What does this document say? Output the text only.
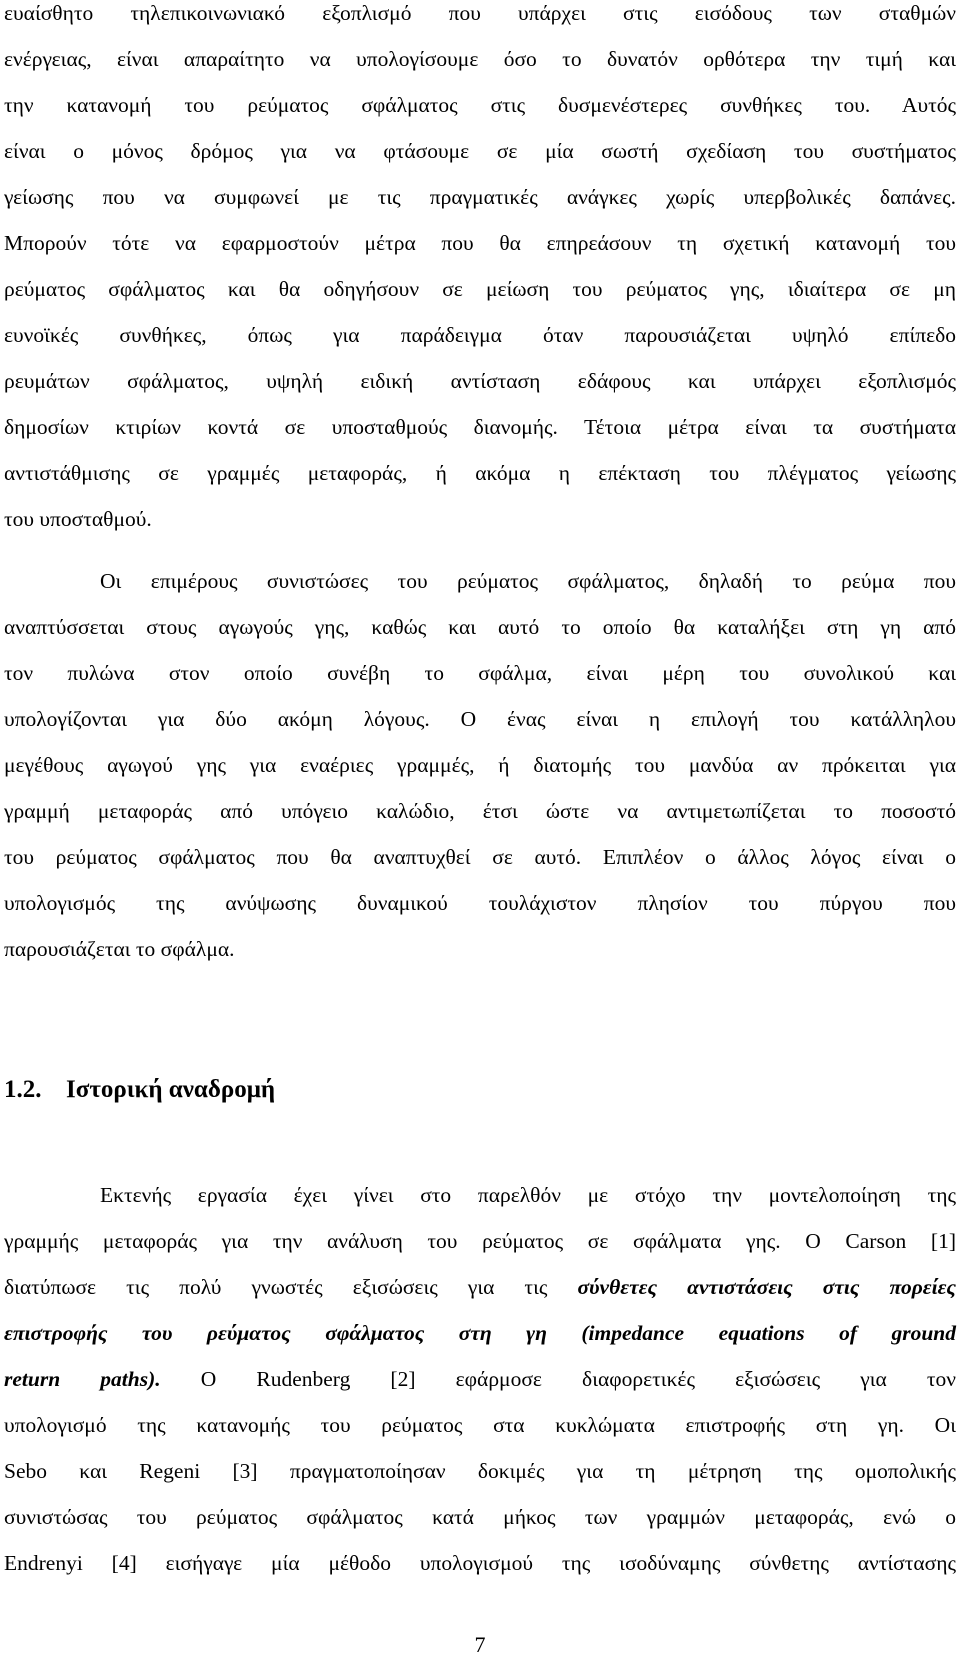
ευαίσθητο τηλεπικοινωνιακό εξοπλισμό που υπάρχει στις εισόδους των σταθμών
ενέργειας, είναι απαραίτητο να υπολογίσουμε όσο το δυνατόν ορθότερα την τιμή και
την κατανομή του ρεύματος σφάλματος στις δυσμενέστερες συνθήκες του. Αυτός
είναι ο μόνος δρόμος για να φτάσουμε σε μία σωστή σχεδίαση του συστήματος
γείωσης που να συμφωνεί με τις πραγματικές ανάγκες χωρίς υπερβολικές δαπάνες.
Μπορούν τότε να εφαρμοστούν μέτρα που θα επηρεάσουν τη σχετική κατανομή του
ρεύματος σφάλματος και θα οδηγήσουν σε μείωση του ρεύματος γης, ιδιαίτερα σε μη
ευνοϊκές συνθήκες, όπως για παράδειγμα όταν παρουσιάζεται υψηλό επίπεδο
ρευμάτων σφάλματος, υψηλή ειδική αντίσταση εδάφους και υπάρχει εξοπλισμός
δημοσίων κτιρίων κοντά σε υποσταθμούς διανομής. Τέτοια μέτρα είναι τα συστήματα
αντιστάθμισης σε γραμμές μεταφοράς, ή ακόμα η επέκταση του πλέγματος γείωσης
του υποσταθμού.
Οι επιμέρους συνιστώσες του ρεύματος σφάλματος, δηλαδή το ρεύμα που
αναπτύσσεται στους αγωγούς γης, καθώς και αυτό το οποίο θα καταλήξει στη γη από
τον πυλώνα στον οποίο συνέβη το σφάλμα, είναι μέρη του συνολικού και
υπολογίζονται για δύο ακόμη λόγους. Ο ένας είναι η επιλογή του κατάλληλου
μεγέθους αγωγού γης για εναέριες γραμμές, ή διατομής του μανδύα αν πρόκειται για
γραμμή μεταφοράς από υπόγειο καλώδιο, έτσι ώστε να αντιμετωπίζεται το ποσοστό
του ρεύματος σφάλματος που θα αναπτυχθεί σε αυτό. Επιπλέον ο άλλος λόγος είναι ο
υπολογισμός της ανύψωσης δυναμικού τουλάχιστον πλησίον του πύργου που
παρουσιάζεται το σφάλμα.
1.2. Ιστορική αναδρομή
Εκτενής εργασία έχει γίνει στο παρελθόν με στόχο την μοντελοποίηση της
γραμμής μεταφοράς για την ανάλυση του ρεύματος σε σφάλματα γης. Ο Carson [1]
διατύπωσε τις πολύ γνωστές εξισώσεις για τις σύνθετες αντιστάσεις στις πορείες
επιστροφής του ρεύματος σφάλματος στη γη (impedance equations of ground
return paths). Ο Rudenberg [2] εφάρμοσε διαφορετικές εξισώσεις για τον
υπολογισμό της κατανομής του ρεύματος στα κυκλώματα επιστροφής στη γη. Οι
Sebo και Regeni [3] πραγματοποίησαν δοκιμές για τη μέτρηση της ομοπολικής
συνιστώσας του ρεύματος σφάλματος κατά μήκος των γραμμών μεταφοράς, ενώ ο
Endrenyi [4] εισήγαγε μία μέθοδο υπολογισμού της ισοδύναμης σύνθετης αντίστασης
7
